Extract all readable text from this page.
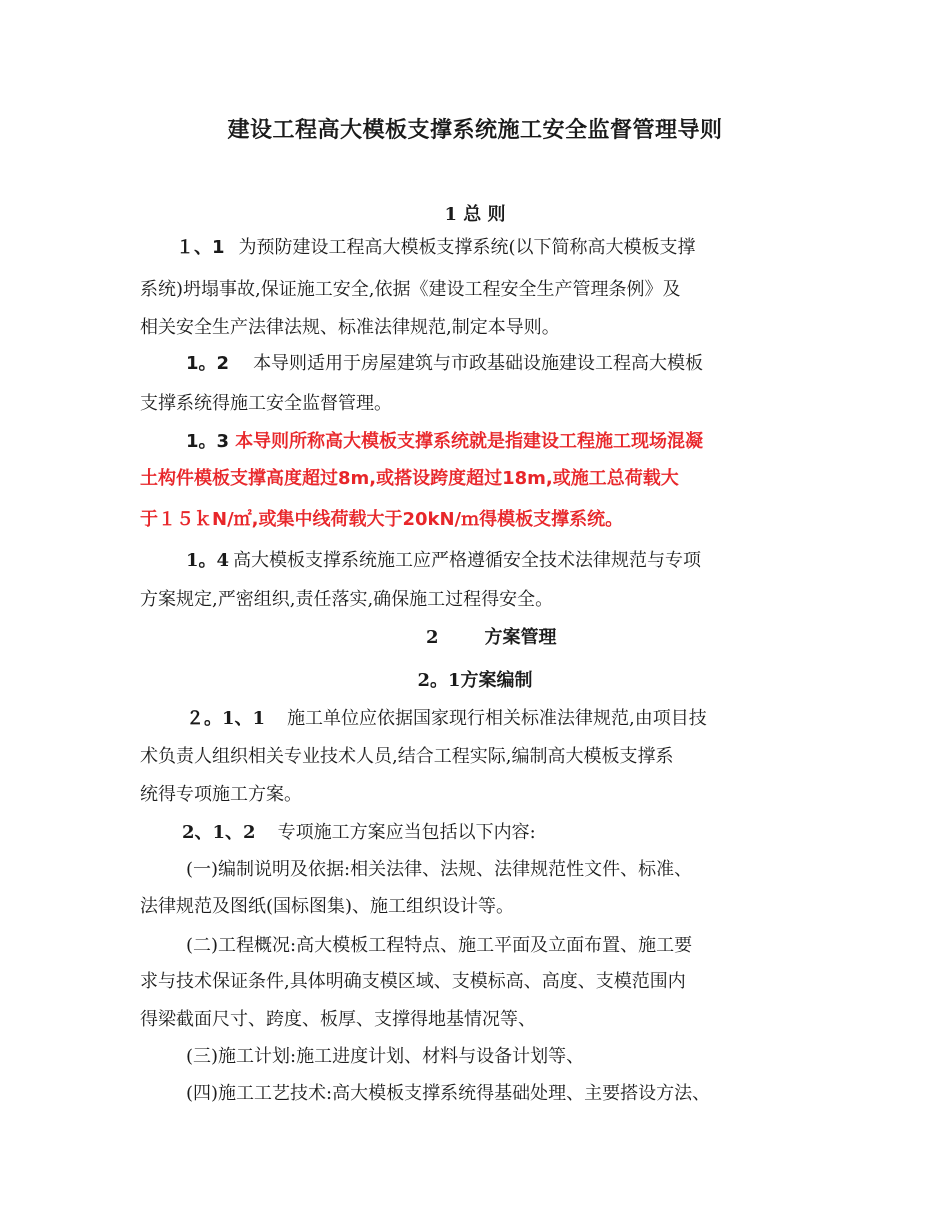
建设工程高大模板支撑系统施工安全监督管理导则
1 总 则
１、1 为预防建设工程高大模板支撑系统(以下简称高大模板支撑
系统)坍塌事故,保证施工安全,依据《建设工程安全生产管理条例》及
相关安全生产法律法规、标准法律规范,制定本导则。
1。2 本导则适用于房屋建筑与市政基础设施建设工程高大模板
支撑系统得施工安全监督管理。
1。3 本导则所称高大模板支撑系统就是指建设工程施工现场混凝
土构件模板支撑高度超过8m,或搭设跨度超过18m,或施工总荷载大
于１５ｋN/㎡,或集中线荷载大于20kN/ｍ得模板支撑系统。
1。4 高大模板支撑系统施工应严格遵循安全技术法律规范与专项
方案规定,严密组织,责任落实,确保施工过程得安全。
2	方案管理
2。1方案编制
２。1、1 施工单位应依据国家现行相关标准法律规范,由项目技
术负责人组织相关专业技术人员,结合工程实际,编制高大模板支撑系
统得专项施工方案。
2、1、2 专项施工方案应当包括以下内容:
(一)编制说明及依据:相关法律、法规、法律规范性文件、标准、
法律规范及图纸(国标图集)、施工组织设计等。
(二)工程概况:高大模板工程特点、施工平面及立面布置、施工要
求与技术保证条件,具体明确支模区域、支模标高、高度、支模范围内
得梁截面尺寸、跨度、板厚、支撑得地基情况等、
(三)施工计划:施工进度计划、材料与设备计划等、
(四)施工工艺技术:高大模板支撑系统得基础处理、主要搭设方法、
